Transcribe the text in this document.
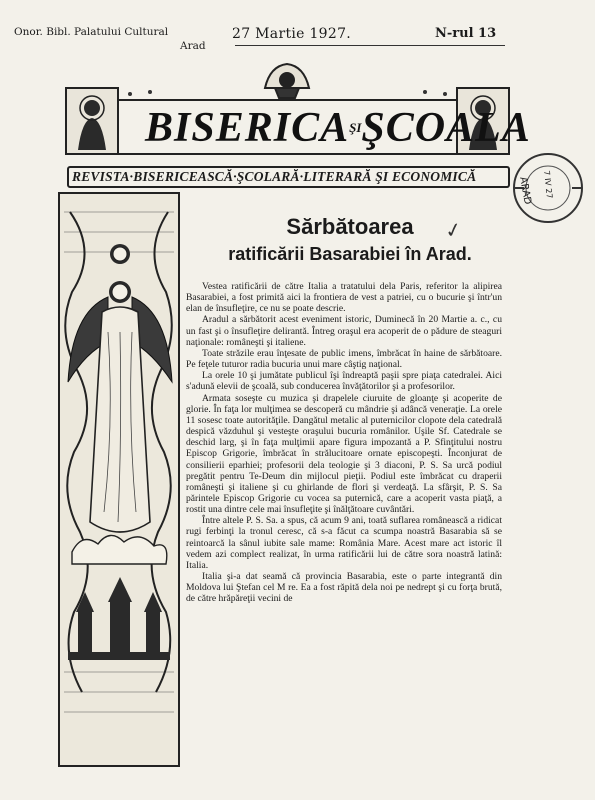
Onor. Bibl. Palatului Cultural
Arad
27 Martie 1927.	N-rul 13
$BISERICA^{ŞI}ŞCOALA$
REVISTA·BISERICEASCĂ·ŞCOLARĂ·LITERARĂ ŞI ECONOMICĂ	ARAD 7 IV 27
Sărbătoarea
ratificării Basarabiei în Arad.
✓

Vestea ratificării de către Italia a tratatului dela Paris, referitor la alipirea Basarabiei, a fost primită aici la frontiera de vest a patriei, cu o bucurie şi într'un elan de însufleţire, ce nu se poate descrie.

Aradul a sărbătorit acest eveniment istoric, Duminecă în 20 Martie a. c., cu un fast şi o însufleţire delirantă. Întreg oraşul era acoperit de o pădure de steaguri naţionale: româneşti şi italiene.

Toate străzile erau înţesate de public imens, îmbrăcat în haine de sărbătoare. Pe feţele tuturor radia bucuria unui mare câştig naţional.

La orele 10 şi jumătate publicul îşi îndreaptă paşii spre piaţa catedralei. Aici s'adună elevii de şcoală, sub conducerea învăţătorilor şi a profesorilor.

Armata soseşte cu muzica şi drapelele ciuruite de gloanţe şi acoperite de glorie. În faţa lor mulţimea se descoperă cu mândrie şi adâncă veneraţie. La orele 11 sosesc toate autorităţile. Dangătul metalic al puternicilor clopote dela catedrală despică văzduhul şi vesteşte oraşului bucuria românilor. Uşile Sf. Catedrale se deschid larg, şi în faţa mulţimii apare figura impozantă a P. Sfinţitului nostru Episcop Grigorie, îmbrăcat în strălucitoare ornate episcopeşti. Înconjurat de consilierii eparhiei; profesorii dela teologie şi 3 diaconi, P. S. Sa urcă podiul pregătit pentru Te-Deum din mijlocul pieţii. Podiul este îmbrăcat cu draperii româneşti şi italiene şi cu ghirlande de flori şi verdeaţă. La sfârşit, P. S. Sa părintele Episcop Grigorie cu vocea sa puternică, care a acoperit vasta piaţă, a rostit una dintre cele mai însufleţite şi înălţătoare cuvântări.

Între altele P. S. Sa. a spus, că acum 9 ani, toată suflarea românească a ridicat rugi ferbinţi la tronul ceresc, că s-a făcut ca scumpa noastră Basarabia să se reintoarcă la sânul iubite sale mame: România Mare. Acest mare act istoric îl vedem azi complect realizat, în urma ratificării lui de către sora noastră latină: Italia.

Italia şi-a dat seamă că provincia Basarabia, este o parte integrantă din Moldova lui Ştefan cel M re. Ea a fost răpită dela noi pe nedrept şi cu forţa brută, de către hrăpăreţii vecini de
